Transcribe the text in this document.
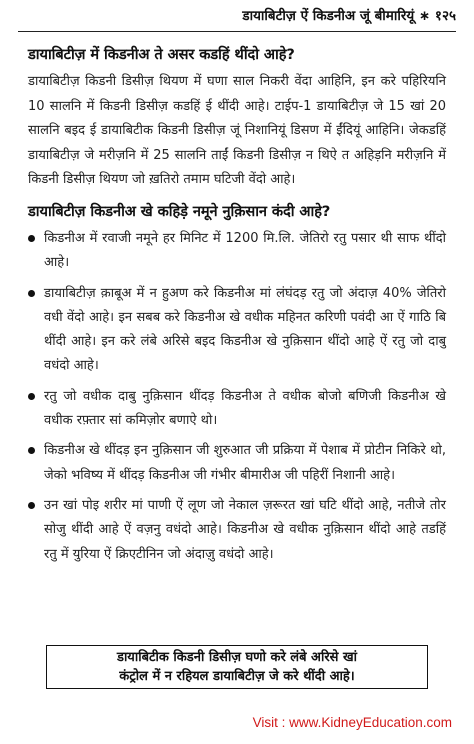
डायाबिटीज़ ऐं किडनीअ जूं बीमारियूं ∗ १२५
डायाबिटीज़ में किडनीअ ते असर कडहिं थींदो आहे?

डायाबिटीज़ किडनी डिसीज़ थियण में घणा साल निकरी वेंदा आहिनि, इन करे पहिरियनि 10 सालनि में किडनी डिसीज़ कडहिं ई थींदी आहे। टाईप-1 डायाबिटीज़ जे 15 खां 20 सालनि बइद ई डायाबिटीक किडनी डिसीज़ जूं निशानियूं डिसण में ईंदियूं आहिनि। जेकडहिं डायाबिटीज़ जे मरीज़नि में 25 सालनि ताईं किडनी डिसीज़ न थिऐ त अहिड़नि मरीज़नि में किडनी डिसीज़ थियण जो ख़तिरो तमाम घटिजी वेंदो आहे।

डायाबिटीज़ किडनीअ खे कहिड़े नमूने नुक़िसान कंदी आहे?
किडनीअ में रवाजी नमूने हर मिनिट में 1200 मि.लि. जेतिरो रतु पसार थी साफ थींदो आहे।
डायाबिटीज़ क़ाबूअ में न हुअण करे किडनीअ मां लंघंदड़ रतु जो अंदाज़ 40% जेतिरो वधी वेंदो आहे। इन सबब करे किडनीअ खे वधीक महिनत करिणी पवंदी आ ऐं गाठि बि थींदी आहे। इन करे लंबे अरिसे बइद किडनीअ खे नुक़िसान थींदो आहे ऐं रतु जो दाबु वधंदो आहे।
रतु जो वधीक दाबु नुक़िसान थींदड़ किडनीअ ते वधीक बोजो बणिजी किडनीअ खे वधीक रफ़्तार सां कमिज़ोर बणाऐ थो।
किडनीअ खे थींदड़ इन नुक़िसान जी शुरुआत जी प्रक्रिया में पेशाब में प्रोटीन निकिरे थो, जेको भविष्य में थींदड़ किडनीअ जी गंभीर बीमारीअ जी पहिरीं निशानी आहे।
उन खां पोइ शरीर मां पाणी ऐं लूण जो नेकाल ज़रूरत खां घटि थींदो आहे, नतीजे तोर सोजु थींदी आहे ऐं वज़नु वधंदो आहे। किडनीअ खे वधीक नुक़िसान थींदो आहे तडहिं रतु में युरिया ऐं क्रिएटीनिन जो अंदाज़ु वधंदो आहे।
डायाबिटीक किडनी डिसीज़ घणो करे लंबे अरिसे खां
कंट्रोल में न रहियल डायाबिटीज़ जे करे थींदी आहे।
Visit : www.KidneyEducation.com
